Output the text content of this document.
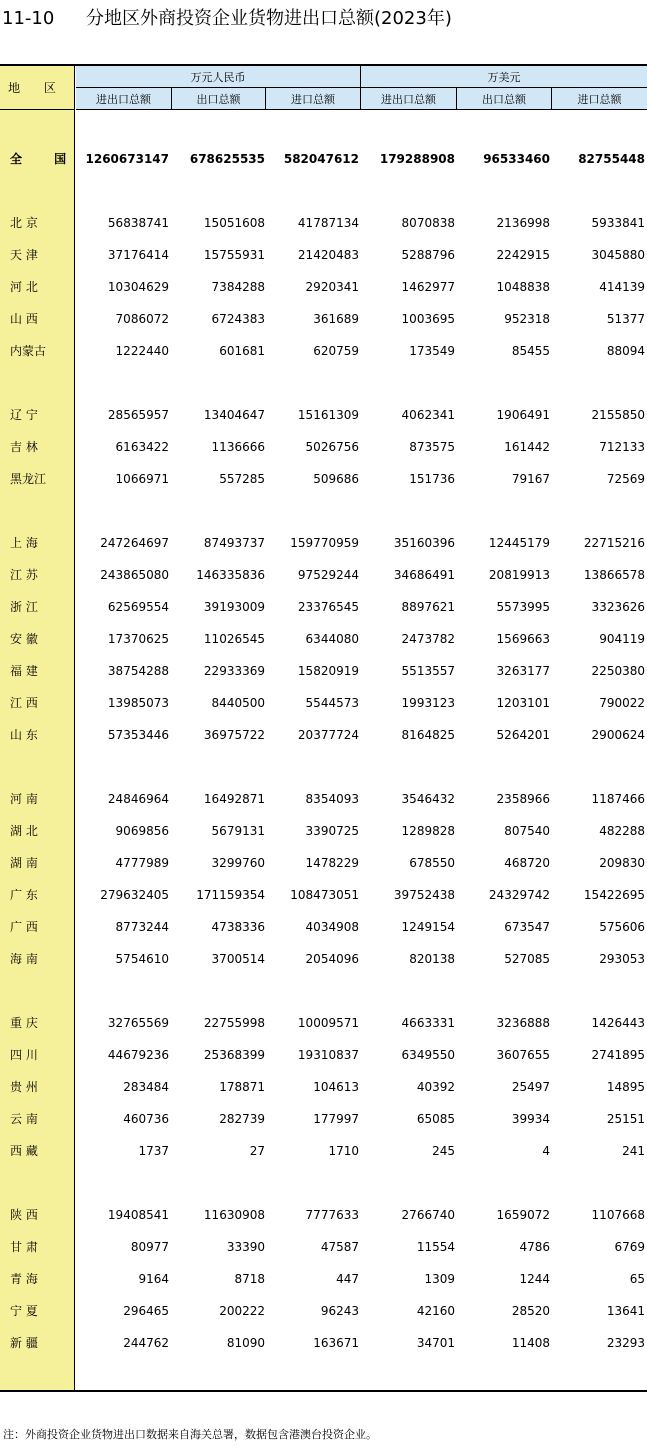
11-10 分地区外商投资企业货物进出口总额(2023年)
地 区
万元人民币	万美元
进出口总额	出口总额	进口总额	进出口总额	出口总额	进口总额
全 国 1260673147 678625535 582047612 179288908 96533460 82755448
北 京	56838741	15051608	41787134	8070838	2136998	5933841
天 津	37176414	15755931	21420483	5288796	2242915	3045880
河 北	10304629	7384288	2920341	1462977	1048838	414139
山 西	7086072	6724383	361689	1003695	952318	51377
内蒙古	1222440	601681	620759	173549	85455	88094
辽 宁	28565957	13404647	15161309	4062341	1906491	2155850
吉 林	6163422	1136666	5026756	873575	161442	712133
黑龙江	1066971	557285	509686	151736	79167	72569
上 海	247264697	87493737 159770959	35160396	12445179	22715216
江 苏	243865080 146335836	97529244	34686491	20819913	13866578
浙 江	62569554	39193009	23376545	8897621	5573995	3323626
安 徽	17370625	11026545	6344080	2473782	1569663	904119
福 建	38754288	22933369	15820919	5513557	3263177	2250380
江 西	13985073	8440500	5544573	1993123	1203101	790022
山 东	57353446	36975722	20377724	8164825	5264201	2900624
河 南	24846964	16492871	8354093	3546432	2358966	1187466
湖 北	9069856	5679131	3390725	1289828	807540	482288
湖 南	4777989	3299760	1478229	678550	468720	209830
广 东	279632405 171159354 108473051	39752438	24329742	15422695
广 西	8773244	4738336	4034908	1249154	673547	575606
海 南	5754610	3700514	2054096	820138	527085	293053
重 庆	32765569	22755998	10009571	4663331	3236888	1426443
四 川	44679236	25368399	19310837	6349550	3607655	2741895
贵 州	283484	178871	104613	40392	25497	14895
云 南	460736	282739	177997	65085	39934	25151
西 藏	1737	27	1710	245	4	241
陕 西	19408541	11630908	7777633	2766740	1659072	1107668
甘 肃	80977	33390	47587	11554	4786	6769
青 海	9164	8718	447	1309	1244	65
宁 夏	296465	200222	96243	42160	28520	13641
新 疆	244762	81090	163671	34701	11408	23293
注：外商投资企业货物进出口数据来自海关总署，数据包含港澳台投资企业。
